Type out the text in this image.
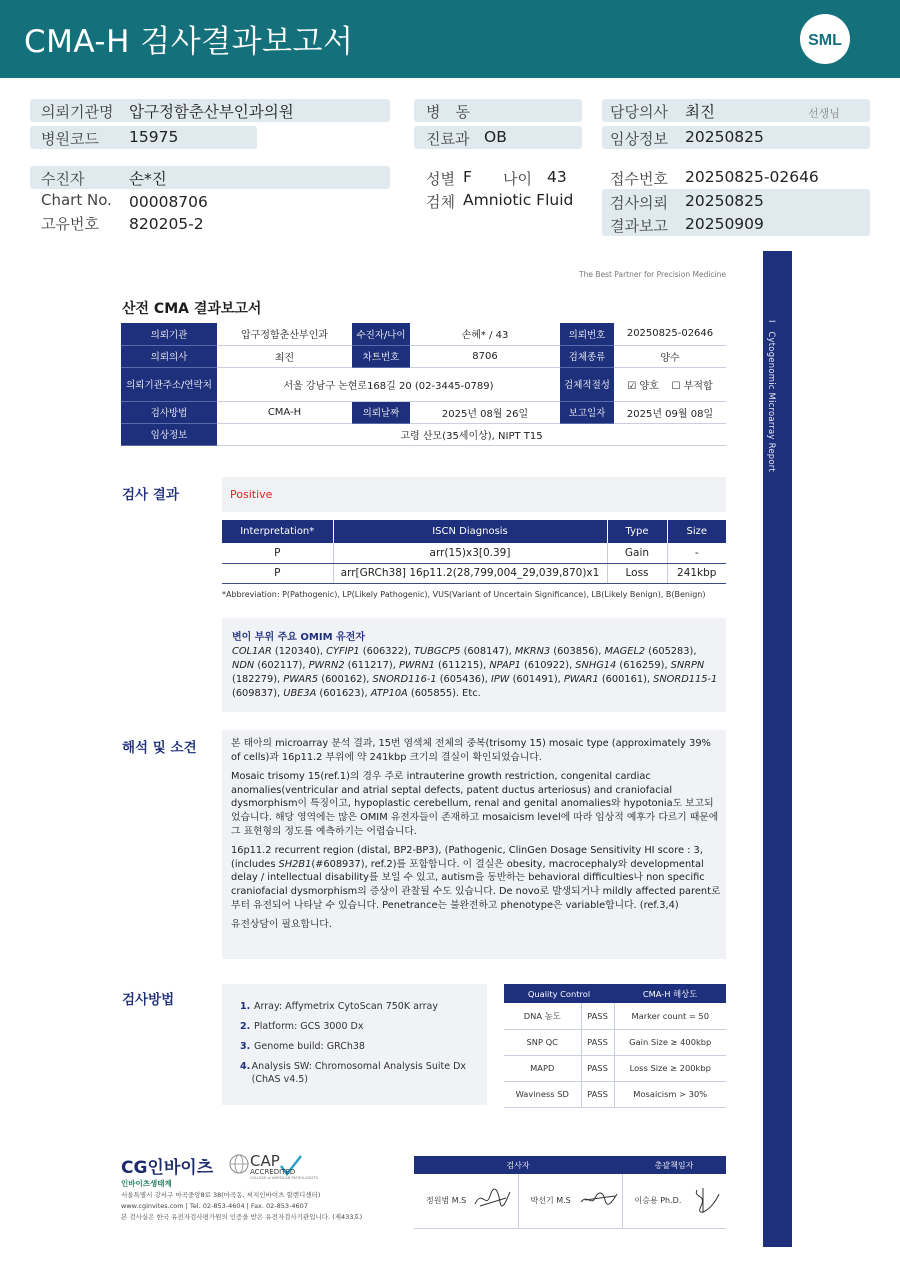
CMA-H 검사결과보고서	SML
의뢰기관명 압구정함춘산부인과의원
병원코드 15975
수진자	손*진
Chart No. 00008706
고유번호 820205-2
병　동
진료과 OB
성별 F 나이 43
검체 Amniotic Fluid
담당의사 최진	선생님
임상정보 20250825
접수번호 20250825-02646
검사의뢰 20250825
결과보고 20250909
The Best Partner for Precision Medicine
I　Cytogenomic Microarray Report
산전 CMA 결과보고서
의뢰기관	압구정함춘산부인과	수진자/나이	손혜* / 43	의뢰번호	20250825-02646
의뢰의사	최진	차트번호	8706	검체종류	양수
의뢰기관주소/연락처	서울 강남구 논현로168길 20 (02-3445-0789)			검체적절성	☑ 양호 ☐ 부적합
검사방법	CMA-H	의뢰날짜	2025년 08월 26일	보고일자	2025년 09월 08일
임상정보	고령 산모(35세이상), NIPT T15				
검사 결과	Positive
Interpretation*	ISCN Diagnosis	Type	Size
P	arr(15)x3[0.39]	Gain	-
P	arr[GRCh38] 16p11.2(28,799,004_29,039,870)x1	Loss	241kbp
*Abbreviation: P(Pathogenic), LP(Likely Pathogenic), VUS(Variant of Uncertain Significance), LB(Likely Benign), B(Benign)
변이 부위 주요 OMIM 유전자
COL1AR (120340), CYFIP1 (606322), TUBGCP5 (608147), MKRN3 (603856), MAGEL2 (605283), NDN (602117), PWRN2 (611217), PWRN1 (611215), NPAP1 (610922), SNHG14 (616259), SNRPN (182279), PWAR5 (600162), SNORD116-1 (605436), IPW (601491), PWAR1 (600161), SNORD115-1 (609837), UBE3A (601623), ATP10A (605855). Etc.
해석 및 소견	본 태아의 microarray 분석 결과, 15번 염색체 전체의 중복(trisomy 15) mosaic type (approximately 39% of cells)과 16p11.2 부위에 약 241kbp 크기의 결실이 확인되었습니다.

Mosaic trisomy 15(ref.1)의 경우 주로 intrauterine growth restriction, congenital cardiac anomalies(ventricular and atrial septal defects, patent ductus arteriosus) and craniofacial dysmorphism이 특징이고, hypoplastic cerebellum, renal and genital anomalies와 hypotonia도 보고되었습니다. 해당 영역에는 많은 OMIM 유전자들이 존재하고 mosaicism level에 따라 임상적 예후가 다르기 때문에 그 표현형의 정도를 예측하기는 어렵습니다.

16p11.2 recurrent region (distal, BP2-BP3), (Pathogenic, ClinGen Dosage Sensitivity HI score : 3, (includes SH2B1(#608937), ref.2)를 포함합니다. 이 결실은 obesity, macrocephaly와 developmental delay / intellectual disability를 보일 수 있고, autism을 동반하는 behavioral difficulties나 non specific craniofacial dysmorphism의 증상이 관찰될 수도 있습니다. De novo로 발생되거나 mildly affected parent로부터 유전되어 나타날 수 있습니다. Penetrance는 불완전하고 phenotype은 variable합니다. (ref.3,4)

유전상담이 필요합니다.

검사방법	1. Array: Affymetrix CytoScan 750K array
2. Platform: GCS 3000 Dx
3. Genome build: GRCh38
4. Analysis SW: Chromosomal Analysis Suite Dx (ChAS v4.5)
Quality Control		CMA-H 해상도
DNA 농도	PASS	Marker count = 50
SNP QC	PASS	Gain Size ≥ 400kbp
MAPD	PASS	Loss Size ≥ 200kbp
Waviness SD	PASS	Mosaicism > 30%
CG인바이츠
인바이츠생태계
CAP
ACCREDITED
COLLEGE of AMERICAN PATHOLOGISTS
서울특별시 강서구 마곡중앙8로 38(마곡동, 씨지인바이츠 할렌디센터)
www.cginvites.com | Tel. 02-853-4604 | Fax. 02-853-4607
본 검사실은 한국 유전자검사평가원의 인증을 받은 유전자검사기관입니다. (제433호)
검사자		총괄책임자

정원범 M.S	박선기 M.S	이승용 Ph.D.
